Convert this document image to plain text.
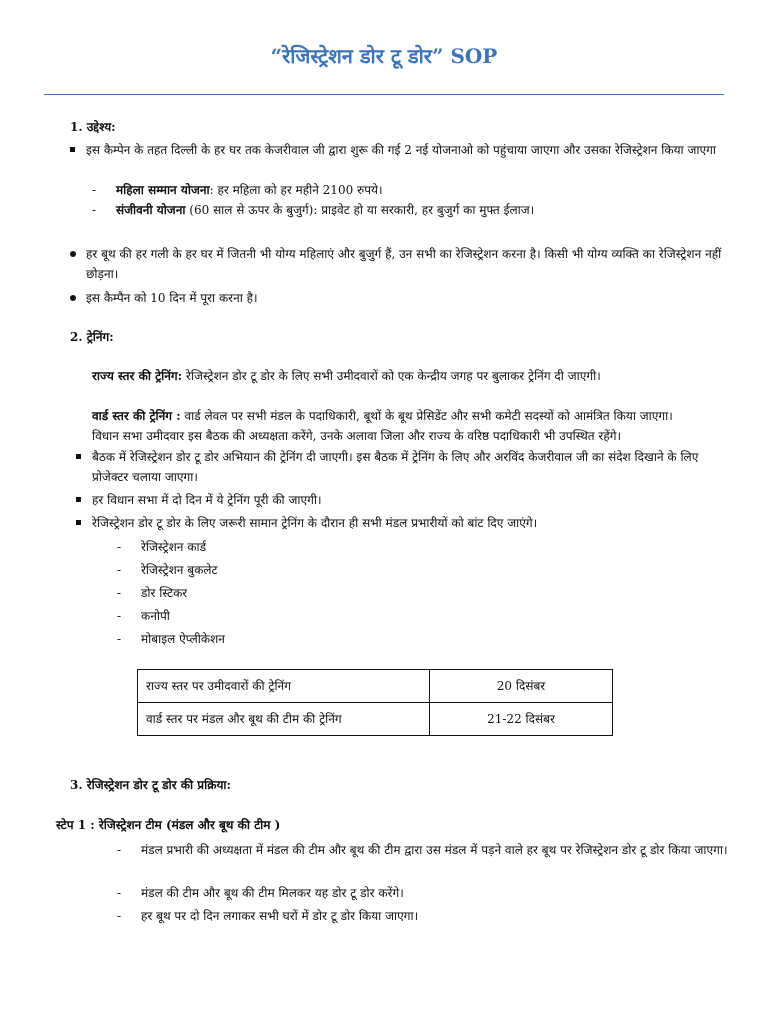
“रेजिस्ट्रेशन डोर टू डोर” SOP
1. उद्देश्य:
इस कैम्पेन के तहत दिल्ली के हर घर तक केजरीवाल जी द्वारा शुरू की गई 2 नई योजनाओ को पहुंचाया जाएगा और उसका रेजिस्ट्रेशन किया जाएगा
- महिला सम्मान योजना: हर महिला को हर महीने 2100 रुपये।
- संजीवनी योजना (60 साल से ऊपर के बुजुर्ग): प्राइवेट हो या सरकारी, हर बुजुर्ग का मुफ्त ईलाज।
हर बूथ की हर गली के हर घर में जितनी भी योग्य महिलाएं और बुजुर्ग हैं, उन सभी का रेजिस्ट्रेशन करना है। किसी भी योग्य व्यक्ति का रेजिस्ट्रेशन नहीं छोड़ना।
इस कैम्पैन को 10 दिन में पूरा करना है।
2. ट्रेनिंग:
राज्य स्तर की ट्रेनिंग: रेजिस्ट्रेशन डोर टू डोर के लिए सभी उमीदवारों को एक केन्द्रीय जगह पर बुलाकर ट्रेनिंग दी जाएगी।
वार्ड स्तर की ट्रेनिंग : वार्ड लेवल पर सभी मंडल के पदाधिकारी, बूथों के बूथ प्रेसिडेंट और सभी कमेटी सदस्यों को आमंत्रित किया जाएगा।
विधान सभा उमीदवार इस बैठक की अध्यक्षता करेंगे, उनके अलावा जिला और राज्य के वरिष्ठ पदाधिकारी भी उपस्थित रहेंगे।
बैठक में रेजिस्ट्रेशन डोर टू डोर अभियान की ट्रेनिंग दी जाएगी। इस बैठक में ट्रेनिंग के लिए और अरविंद केजरीवाल जी का संदेश दिखाने के लिए प्रोजेक्टर चलाया जाएगा।
हर विधान सभा में दो दिन में ये ट्रेनिंग पूरी की जाएगी।
रेजिस्ट्रेशन डोर टू डोर के लिए जरूरी सामान ट्रेनिंग के दौरान ही सभी मंडल प्रभारीयों को बांट दिए जाएंगे।
- रेजिस्ट्रेशन कार्ड
- रेजिस्ट्रेशन बुकलेट
- डोर स्टिकर
- कनोपी
- मोबाइल ऐप्लीकेशन
राज्य स्तर पर उमीदवारों की ट्रेनिंग	20 दिसंबर
वार्ड स्तर पर मंडल और बूथ की टीम की ट्रेनिंग	21-22 दिसंबर
3. रेजिस्ट्रेशन डोर टू डोर की प्रक्रिया:
स्टेप 1 : रेजिस्ट्रेशन टीम (मंडल और बूथ की टीम )
- मंडल प्रभारी की अध्यक्षता में मंडल की टीम और बूथ की टीम द्वारा उस मंडल में पड़ने वाले हर बूथ पर रेजिस्ट्रेशन डोर टू डोर किया जाएगा।
- मंडल की टीम और बूथ की टीम मिलकर यह डोर टू डोर करेंगे।
- हर बूथ पर दो दिन लगाकर सभी घरों में डोर टू डोर किया जाएगा।
